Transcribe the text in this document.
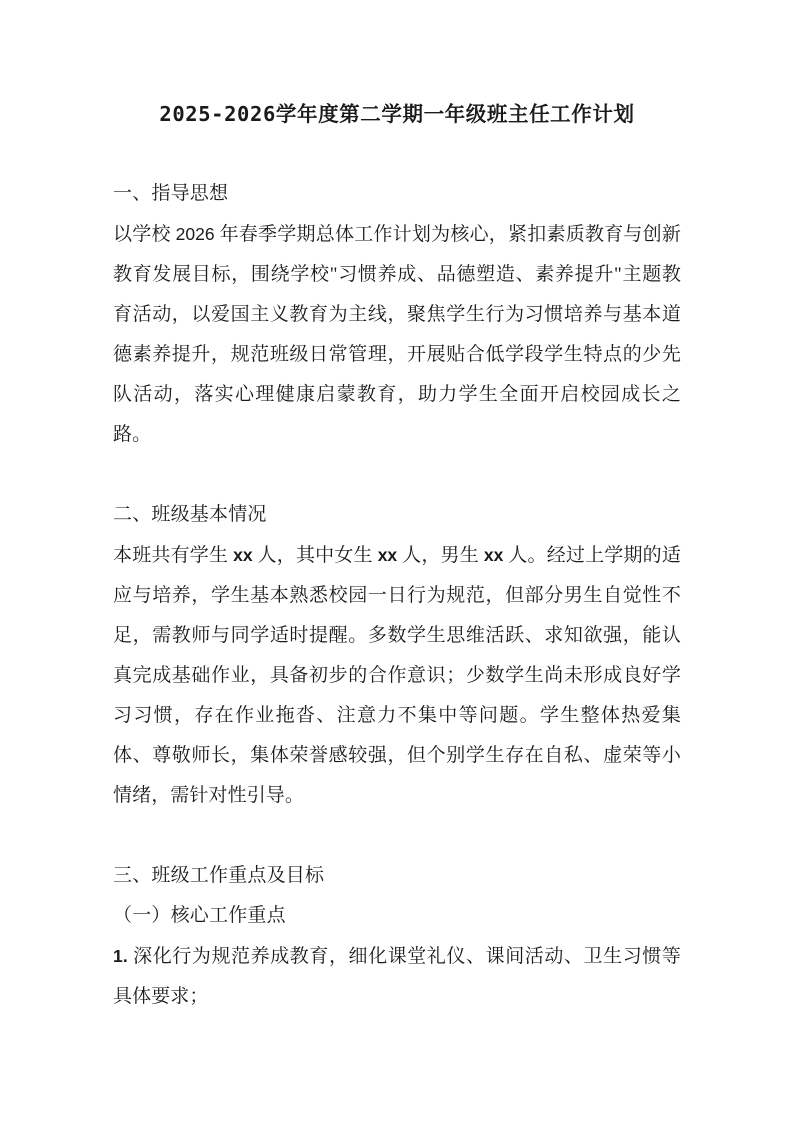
2025-2026学年度第二学期一年级班主任工作计划

一、指导思想

以学校 2026 年春季学期总体工作计划为核心，紧扣素质教育与创新教育发展目标，围绕学校"习惯养成、品德塑造、素养提升"主题教育活动，以爱国主义教育为主线，聚焦学生行为习惯培养与基本道德素养提升，规范班级日常管理，开展贴合低学段学生特点的少先队活动，落实心理健康启蒙教育，助力学生全面开启校园成长之路。

二、班级基本情况

本班共有学生 xx 人，其中女生 xx 人，男生 xx 人。经过上学期的适应与培养，学生基本熟悉校园一日行为规范，但部分男生自觉性不足，需教师与同学适时提醒。多数学生思维活跃、求知欲强，能认真完成基础作业，具备初步的合作意识；少数学生尚未形成良好学习习惯，存在作业拖沓、注意力不集中等问题。学生整体热爱集体、尊敬师长，集体荣誉感较强，但个别学生存在自私、虚荣等小情绪，需针对性引导。

三、班级工作重点及目标
（一）核心工作重点

1. 深化行为规范养成教育，细化课堂礼仪、课间活动、卫生习惯等具体要求；
